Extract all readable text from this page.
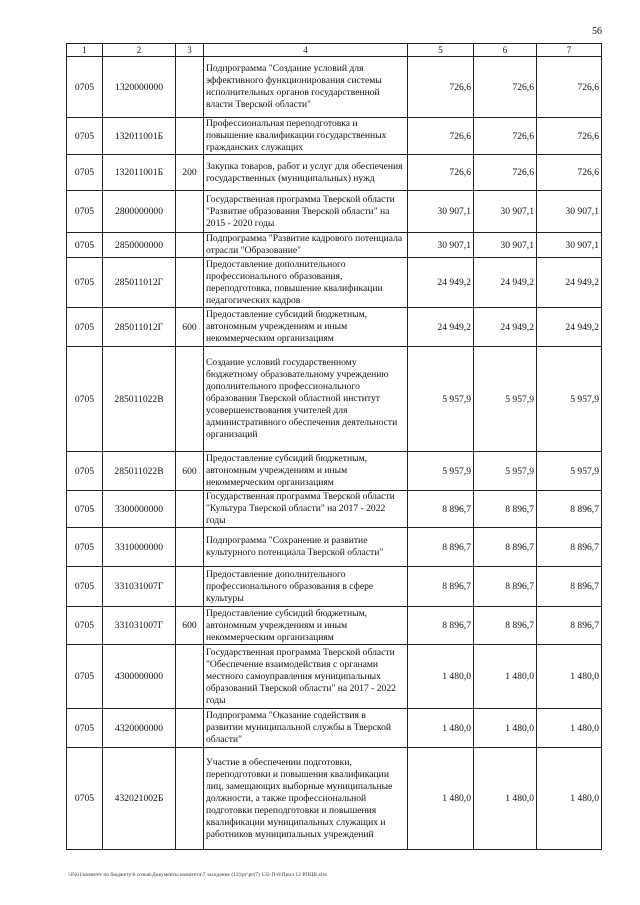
56
1	2	3	4	5	6	7
0705	1320000000		Подпрограмма "Создание условий для эффективного функционирования системы исполнительных органов государственной власти Тверской области"	726,6	726,6	726,6
0705	132011001Б		Профессиональная переподготовка и повышение квалификации государственных гражданских служащих	726,6	726,6	726,6
0705	132011001Б	200	Закупка товаров, работ и услуг для обеспечения государственных (муниципальных) нужд	726,6	726,6	726,6
0705	2800000000		Государственная программа Тверской области "Развитие образования Тверской области" на 2015 - 2020 годы	30 907,1	30 907,1	30 907,1
0705	2850000000		Подпрограмма "Развитие кадрового потенциала отрасли "Образование"	30 907,1	30 907,1	30 907,1
0705	285011012Г		Предоставление дополнительного профессионального образования, переподготовка, повышение квалификации педагогических кадров	24 949,2	24 949,2	24 949,2
0705	285011012Г	600	Предоставление субсидий бюджетным, автономным учреждениям и иным некоммерческим организациям	24 949,2	24 949,2	24 949,2
0705	285011022В		Создание условий государственному бюджетному образовательному учреждению дополнительного профессионального образования Тверской областной институт усовершенствования учителей для административного обеспечения деятельности организаций	5 957,9	5 957,9	5 957,9
0705	285011022В	600	Предоставление субсидий бюджетным, автономным учреждениям и иным некоммерческим организациям	5 957,9	5 957,9	5 957,9
0705	3300000000		Государственная программа Тверской области "Культура Тверской области" на 2017 - 2022 годы	8 896,7	8 896,7	8 896,7
0705	3310000000		Подпрограмма "Сохранение и развитие культурного потенциала Тверской области"	8 896,7	8 896,7	8 896,7
0705	331031007Г		Предоставление дополнительного профессионального образования в сфере культуры	8 896,7	8 896,7	8 896,7
0705	331031007Г	600	Предоставление субсидий бюджетным, автономным учреждениям и иным некоммерческим организациям	8 896,7	8 896,7	8 896,7
0705	4300000000		Государственная программа Тверской области "Обеспечение взаимодействия с органами местного самоуправления муниципальных образований Тверской области" на 2017 - 2022 годы	1 480,0	1 480,0	1 480,0
0705	4320000000		Подпрограмма "Оказание содействия в развитии муниципальной службы в Тверской области"	1 480,0	1 480,0	1 480,0
0705	432021002Б		Участие в обеспечении подготовки, переподготовки и повышения квалификации лиц, замещающих выборные муниципальные должности, а также профессиональной подготовки переподготовки и повышения квалификации муниципальных служащих и работников муниципальных учреждений	1 480,0	1 480,0	1 480,0
\\Fs01\комитет по бюджету\6 созыв\Документы комитета\7 заседание (12)\рг\рг(7) 132-П-6\Прил 12 РПЦВ.xlsx
